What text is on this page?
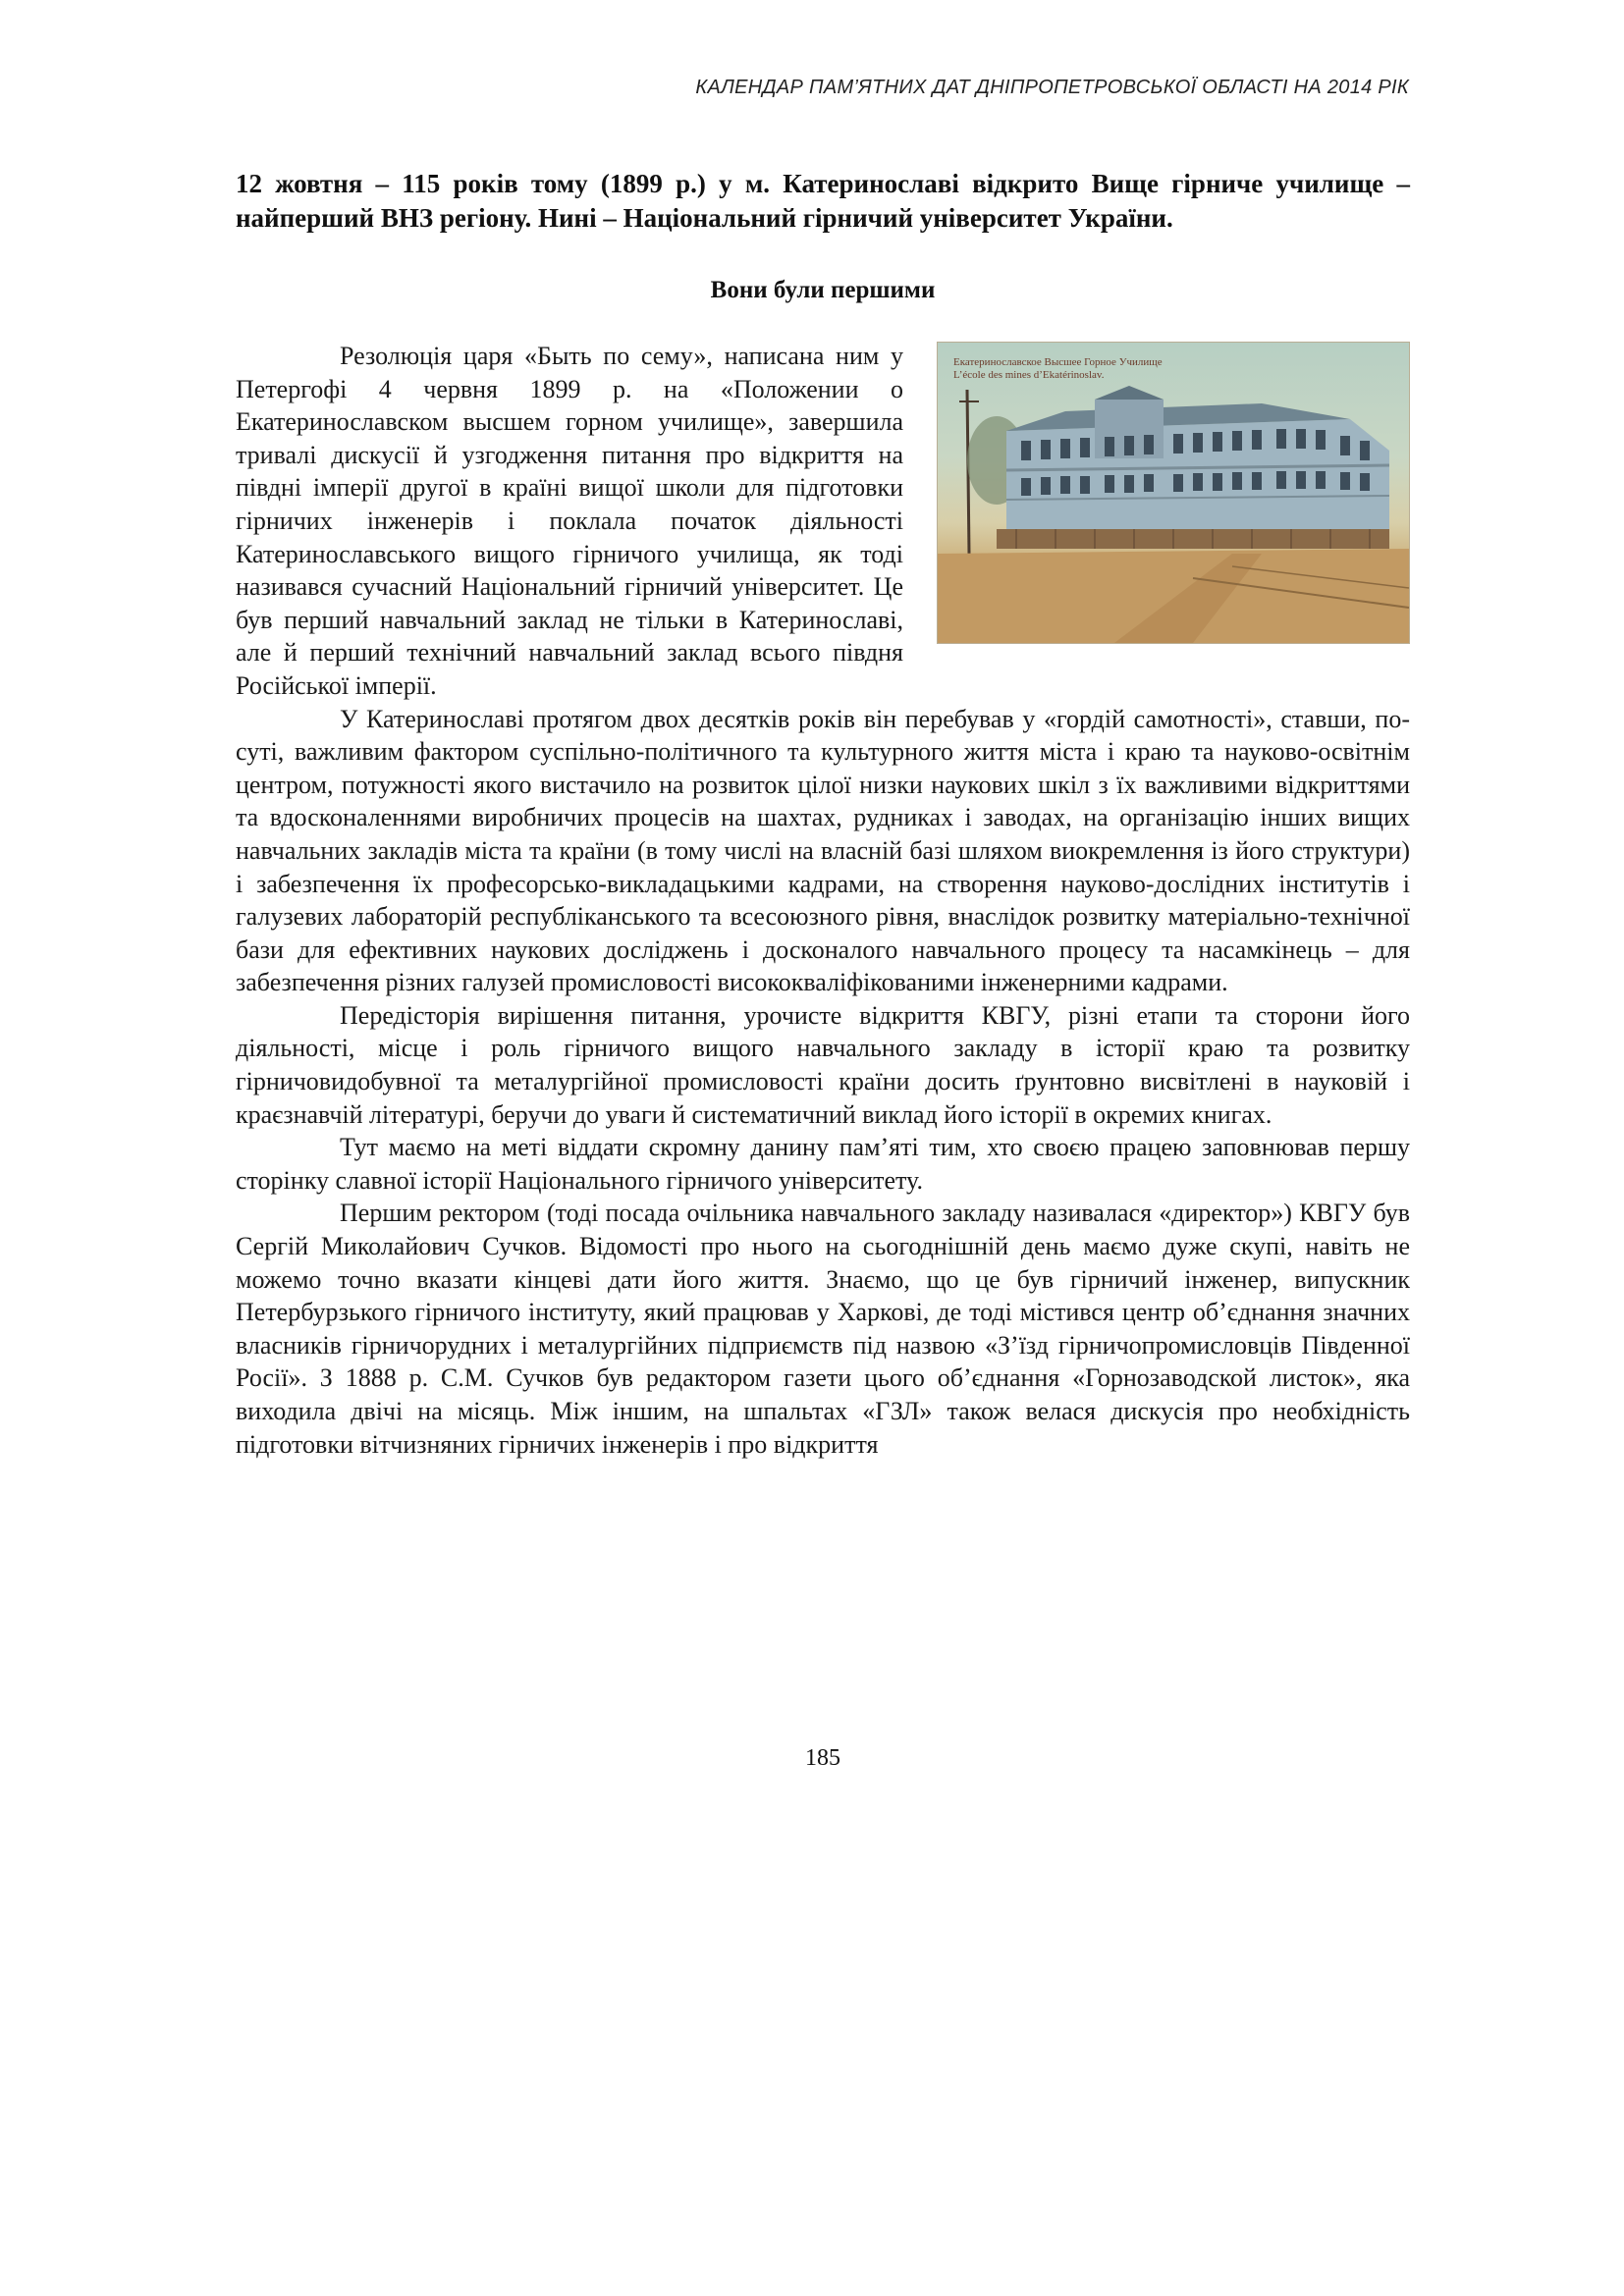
КАЛЕНДАР ПАМ’ЯТНИХ ДАТ ДНІПРОПЕТРОВСЬКОЇ ОБЛАСТІ НА 2014 РІК

12 жовтня – 115 років тому (1899 р.) у м. Катеринославі відкрито Вище гірниче училище – найперший ВНЗ регіону. Нині – Національний гірничий університет України.

Вони були першими
Екатеринославское Высшее Горное Училище
L’école des mines d’Ekatérinoslav.

Резолюція царя «Быть по сему», написана ним у Петергофі 4 червня 1899 р. на «Положении о Екатеринославском высшем горном училище», завершила тривалі дискусії й узгодження питання про відкриття на півдні імперії другої в країні вищої школи для підготовки гірничих інженерів і поклала початок діяльності Катеринославського вищого гірничого училища, як тоді називався сучасний Національний гірничий університет. Це був перший навчальний заклад не тільки в Катеринославі, але й перший технічний навчальний заклад всього півдня Російської імперії.

У Катеринославі протягом двох десятків років він перебував у «гордій самотності», ставши, по-суті, важливим фактором суспільно-політичного та культурного життя міста і краю та науково-освітнім центром, потужності якого вистачило на розвиток цілої низки наукових шкіл з їх важливими відкриттями та вдосконаленнями виробничих процесів на шахтах, рудниках і заводах, на організацію інших вищих навчальних закладів міста та країни (в тому числі на власній базі шляхом виокремлення із його структури) і забезпечення їх професорсько-викладацькими кадрами, на створення науково-дослідних інститутів і галузевих лабораторій республіканського та всесоюзного рівня, внаслідок розвитку матеріально-технічної бази для ефективних наукових досліджень і досконалого навчального процесу та насамкінець – для забезпечення різних галузей промисловості висококваліфікованими інженерними кадрами.

Передісторія вирішення питання, урочисте відкриття КВГУ, різні етапи та сторони його діяльності, місце і роль гірничого вищого навчального закладу в історії краю та розвитку гірничовидобувної та металургійної промисловості країни досить ґрунтовно висвітлені в науковій і краєзнавчій літературі, беручи до уваги й систематичний виклад його історії в окремих книгах.

Тут маємо на меті віддати скромну данину пам’яті тим, хто своєю працею заповнював першу сторінку славної історії Національного гірничого університету.

Першим ректором (тоді посада очільника навчального закладу називалася «директор») КВГУ був Сергій Миколайович Сучков. Відомості про нього на сьогоднішній день маємо дуже скупі, навіть не можемо точно вказати кінцеві дати його життя. Знаємо, що це був гірничий інженер, випускник Петербурзького гірничого інституту, який працював у Харкові, де тоді містився центр об’єднання значних власників гірничорудних і металургійних підприємств під назвою «З’їзд гірничопромисловців Південної Росії». З 1888 р. С.М. Сучков був редактором газети цього об’єднання «Горнозаводской листок», яка виходила двічі на місяць. Між іншим, на шпальтах «ГЗЛ» також велася дискусія про необхідність підготовки вітчизняних гірничих інженерів і про відкриття

185
